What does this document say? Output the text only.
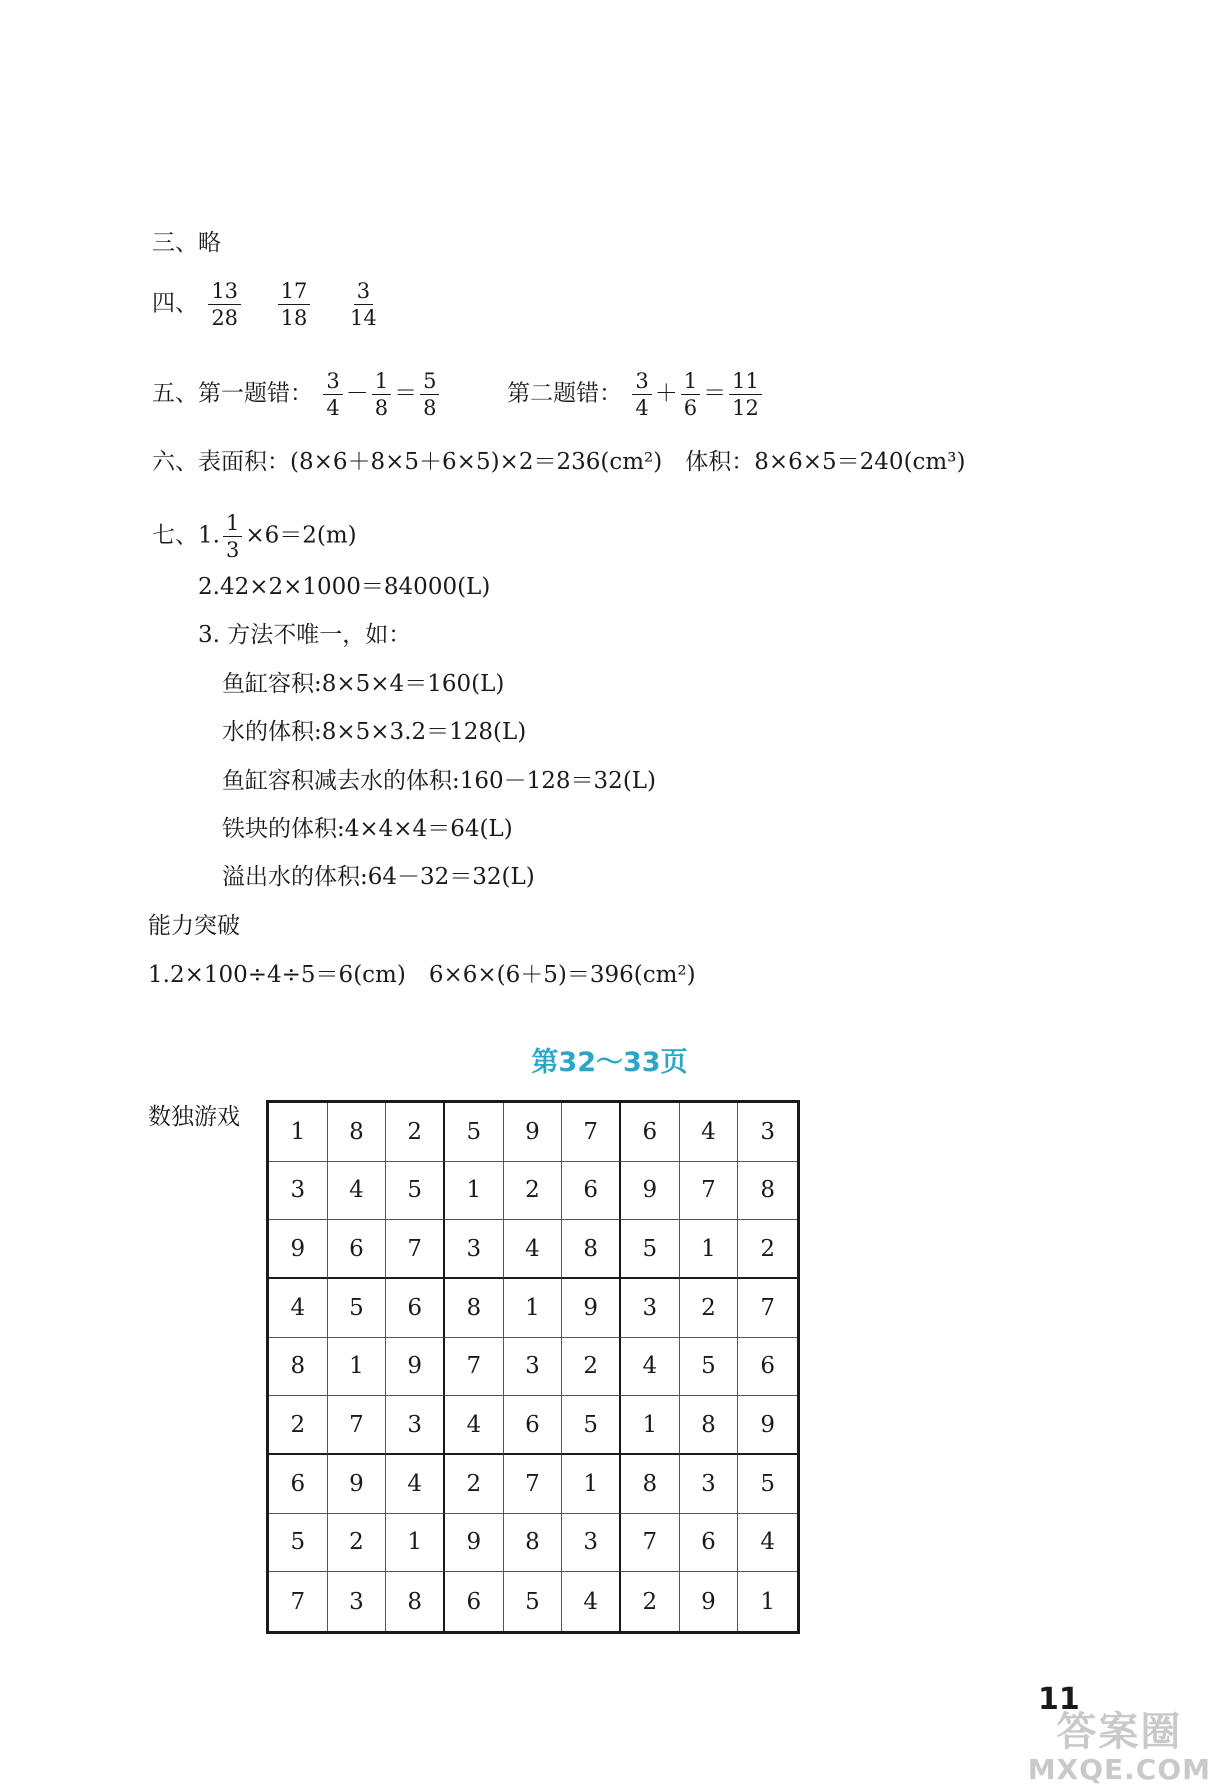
三、略
四、 $\frac{13}{28}$
$\frac{17}{18}$
$\frac{3}{14}$
五、第一题错： $\frac{3}{4} - \frac{1}{8} = \frac{5}{8}$	第二题错： $\frac{3}{4} + \frac{1}{6} = \frac{11}{12}$
六、表面积：(8×6＋8×5＋6×5)×2＝236(cm²)　体积：8×6×5＝240(cm³)
七、1. $\frac{1}{3} \times 6=2(m)$
2.42×2×1000＝84000(L)
3. 方法不唯一，如：
鱼缸容积:8×5×4＝160(L)
水的体积:8×5×3.2＝128(L)
鱼缸容积减去水的体积:160－128＝32(L)
铁块的体积:4×4×4＝64(L)
溢出水的体积:64－32＝32(L)
能力突破
1.2×100÷4÷5＝6(cm)　6×6×(6＋5)＝396(cm²)
第32～33页
数独游戏
1	8	2	5	9	7	6	4	3
3	4	5	1	2	6	9	7	8
9	6	7	3	4	8	5	1	2
4	5	6	8	1	9	3	2	7
8	1	9	7	3	2	4	5	6
2	7	3	4	6	5	1	8	9
6	9	4	2	7	1	8	3	5
5	2	1	9	8	3	7	6	4
7	3	8	6	5	4	2	9	1
11
答案圈
MXQE.COM
